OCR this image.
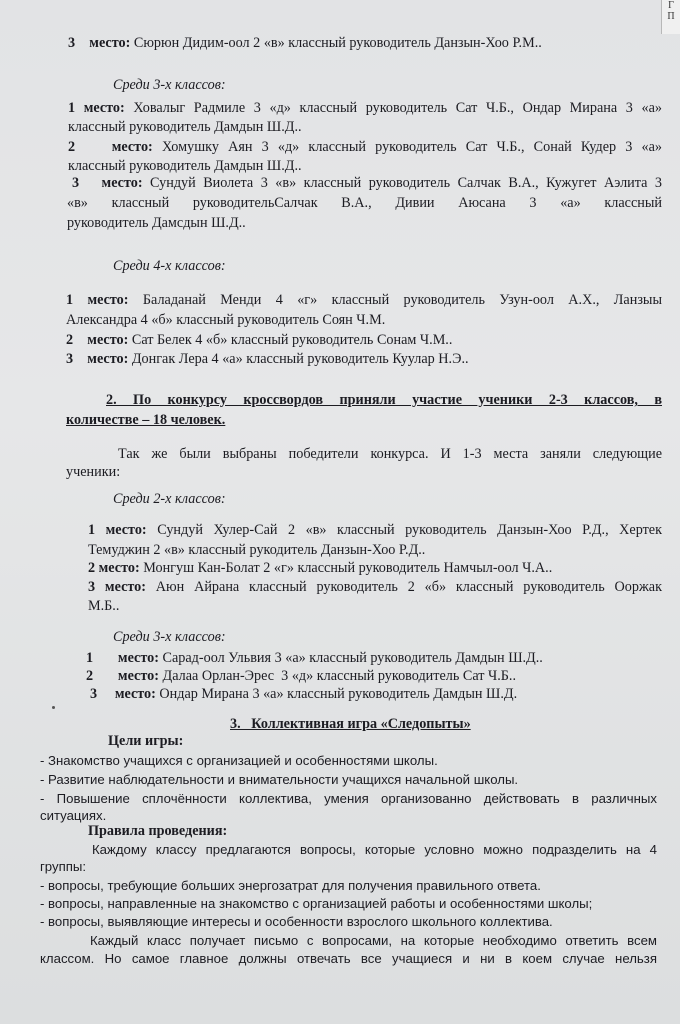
Г
П
3    место: Сюрюн Дидим-оол 2 «в» классный руководитель Данзын-Хоо Р.М..
Среди 3-х классов:
1 место: Ховалыг Радмиле 3 «д» классный руководитель Сат Ч.Б., Ондар Мирана 3 «а»
классный руководитель Дамдын Ш.Д..
2    место: Хомушку Аян 3 «д» классный руководитель Сат Ч.Б., Сонай Кудер 3 «а»
классный руководитель Дамдын Ш.Д..
3   место: Сундуй Виолета 3 «в» классный руководитель Салчак В.А., Кужугет Аэлита 3
«в» классный руководительСалчак В.А., Дивии Аюсана 3 «а» классный
руководитель Дамсдын Ш.Д..
Среди 4-х классов:
1 место: Баладанай Менди 4 «г» классный руководитель Узун-оол А.Х., Ланзыы
Александра 4 «б» классный руководитель Соян Ч.М.
2    место: Сат Белек 4 «б» классный руководитель Сонам Ч.М..
3    место: Донгак Лера 4 «а» классный руководитель Куулар Н.Э..
2. По конкурсу кроссвордов приняли участие ученики 2-3 классов, в
количестве – 18 человек.
Так же были выбраны победители конкурса. И 1-3 места заняли следующие
ученики:
Среди 2-х классов:
1 место: Сундуй Хулер-Сай 2 «в» классный руководитель Данзын-Хоо Р.Д., Хертек
Темуджин 2 «в» классный рукодитель Данзын-Хоо Р.Д..
2 место: Монгуш Кан-Болат 2 «г» классный руководитель Намчыл-оол Ч.А..
3 место: Аюн Айрана классный руководитель 2 «б» классный руководитель Ооржак
М.Б..
Среди 3-х классов:
1       место: Сарад-оол Ульвия 3 «а» классный руководитель Дамдын Ш.Д..
2       место: Далаа Орлан-Эрес  3 «д» классный руководитель Сат Ч.Б..
3     место: Ондар Мирана 3 «а» классный руководитель Дамдын Ш.Д.
3.   Коллективная игра «Следопыты»
Цели игры:
- Знакомство учащихся с организацией и особенностями школы.
- Развитие наблюдательности и внимательности учащихся начальной школы.
- Повышение сплочённости коллектива, умения организованно действовать в различных
ситуациях.
Правила проведения:
Каждому классу предлагаются вопросы, которые условно можно подразделить на 4
группы:
- вопросы, требующие больших энергозатрат для получения правильного ответа.
- вопросы, направленные на знакомство с организацией работы и особенностями школы;
- вопросы, выявляющие интересы и особенности взрослого школьного коллектива.
Каждый класс получает письмо с вопросами, на которые необходимо ответить всем
классом. Но самое главное должны отвечать все учащиеся и ни в коем случае нельзя
